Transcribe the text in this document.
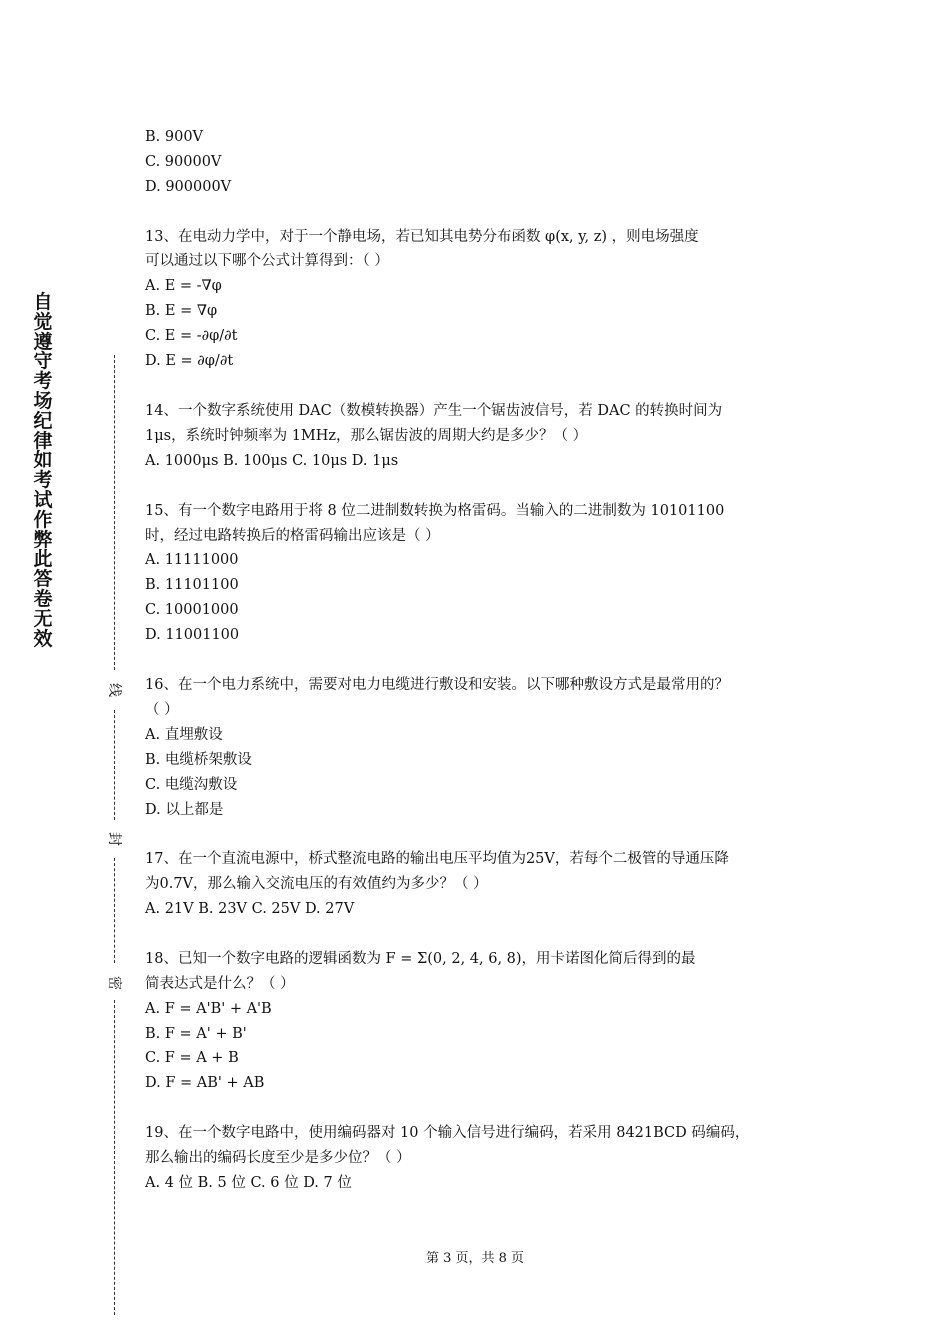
自觉遵守考场纪律如考试作弊此答卷无效
线
封
密
B. 900V
C. 90000V
D. 900000V
13、在电动力学中，对于一个静电场，若已知其电势分布函数 φ(x, y, z) ，则电场强度
可以通过以下哪个公式计算得到：（ ）
A. E = -∇φ
B. E = ∇φ
C. E = -∂φ/∂t
D. E = ∂φ/∂t
14、一个数字系统使用 DAC（数模转换器）产生一个锯齿波信号，若 DAC 的转换时间为
1μs，系统时钟频率为 1MHz，那么锯齿波的周期大约是多少？（ ）
A. 1000μs B. 100μs C. 10μs D. 1μs
15、有一个数字电路用于将 8 位二进制数转换为格雷码。当输入的二进制数为 10101100
时，经过电路转换后的格雷码输出应该是（ ）
A. 11111000
B. 11101100
C. 10001000
D. 11001100
16、在一个电力系统中，需要对电力电缆进行敷设和安装。以下哪种敷设方式是最常用的？
（ ）
A. 直埋敷设
B. 电缆桥架敷设
C. 电缆沟敷设
D. 以上都是
17、在一个直流电源中，桥式整流电路的输出电压平均值为25V，若每个二极管的导通压降
为0.7V，那么输入交流电压的有效值约为多少？（ ）
A. 21V B. 23V C. 25V D. 27V
18、已知一个数字电路的逻辑函数为 F = Σ(0, 2, 4, 6, 8)，用卡诺图化简后得到的最
简表达式是什么？（ ）
A. F = A'B' + A'B
B. F = A' + B'
C. F = A + B
D. F = AB' + AB
19、在一个数字电路中，使用编码器对 10 个输入信号进行编码，若采用 8421BCD 码编码，
那么输出的编码长度至少是多少位？（ ）
A. 4 位 B. 5 位 C. 6 位 D. 7 位
第 3 页，共 8 页
